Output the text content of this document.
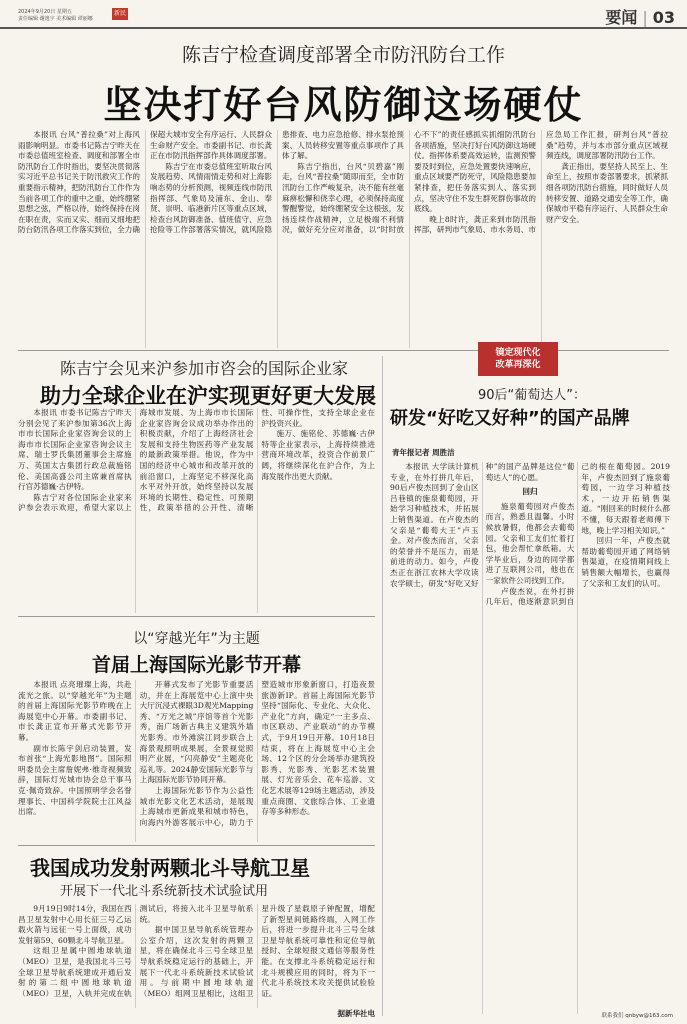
2024年9月20日 星期五
责任编辑 谢逸宇 美术编辑 谭丽娜
新民	要闻 | 03
陈吉宁检查调度部署全市防汛防台工作
坚决打好台风防御这场硬仗

本报讯 台风“普拉桑”对上海风雨影响明显。市委书记陈吉宁昨天在市委总值班室检查、调度和部署全市防汛防台工作时指出，要坚决贯彻落实习近平总书记关于防汛救灾工作的重要指示精神，把防汛防台工作作为当前各项工作的重中之重，始终绷紧思想之弦，严格以待，始终保持在岗在职在责，实而又实、细而又细地把防台防汛各项工作落实到位，全力确保超大城市安全有序运行、人民群众生命财产安全。市委副书记、市长龚正在市防汛指挥部作具体调度部署。

陈吉宁在市委总值班室听取台风发展趋势、风情雨情走势和对上海影响态势的分析预测，视频连线市防汛指挥部、气象局及浦东、金山、奉贤、崇明、临港新片区等重点区域，检查台风防御准备、值班值守、应急抢险等工作部署落实情况，就风险隐患排查、电力应急抢修、排水泵抢预案、人员转移安置等重点事项作了具体了解。

陈吉宁指出，台风“贝碧嘉”刚走，台风“普拉桑”随即而至，全市防汛防台工作严峻复杂，决不能有丝毫麻痹松懈和侥幸心理，必须保持高度警醒警觉，始终绷紧安全这根弦，发扬连续作战精神，立足极端不利情况，做好充分应对准备，以“时时放心不下”的责任感抓实抓细防汛防台各项措施，坚决打好台风防御这场硬仗。指挥体系要高效运转，监测预警要及时到位，应急处置要快速响应，重点区域要严防死守，风险隐患要加紧排查，把任务落实到人、落实到点，坚决守住不发生群死群伤事故的底线。

晚上8时许，龚正来到市防汛指挥部，研判市气象局、市水务局、市应急局工作汇报，研判台风“普拉桑”趋势，并与本市部分重点区域视频连线，调度部署防汛防台工作。

龚正指出，要坚持人民至上、生命至上，按照市委部署要求，抓紧抓细各项防汛防台措施，同时做好人员转移安置、道路交通安全等工作，确保城市平稳有序运行、人民群众生命财产安全。

陈吉宁会见来沪参加市咨会的国际企业家
助力全球企业在沪实现更好更大发展

本报讯 市委书记陈吉宁昨天分别会见了来沪参加第36次上海市市长国际企业家咨询会议的上海市市长国际企业家咨询会议主席、瑞士罗氏集团董事会主席施万、英国太古集团行政总裁施铭伦、美国高盛公司主席兼首席执行官苏德巍·古伊特。

陈吉宁对各位国际企业家来沪参会表示欢迎，希望大家以上海城市发展、为上海市市长国际企业家咨询会议成功举办作出的积极贡献，介绍了上海经济社会发展和支持生物医药等产业发展的最新政策举措。他说，作为中国的经济中心城市和改革开放的前沿窗口，上海坚定不移深化高水平对外开放，始终坚持以发展环境的长期性、稳定性、可预期性，政策举措的公开性、清晰性、可操作性，支持全球企业在沪投资兴业。

施万、施铭伦、苏德巍·古伊特等企业家表示，上海持续推进营商环境改革，投资合作前景广阔，将继续深化在沪合作，为上海发展作出更大贡献。

以“穿越光年”为主题
首届上海国际光影节开幕

本报讯 点亮璀璨上海，共赴流光之旅。以“穿越光年”为主题的首届上海国际光影节昨晚在上海展览中心开幕。市委副书记、市长龚正宣布开幕式光影节开幕。

副市长陈宇剑启动装置，发布首张“上海光影地图”。国际照明委员会主席詹妮弗·维奇视频致辞，国际灯光城市协会总干事马克·佩奇致辞。中国照明学会名誉理事长、中国科学院院士江风益出席。

开幕式发布了光影节重要活动，并在上海展览中心上演中央大厅沉浸式裸眼3D观光Mapping秀、“万光之城”序馆等首个光影秀，南广场新古典主义建筑外墙光影秀。市外滩滨江同步联合上海景观照明成果展，全景视觉照明产业展，“闪亮静安”主题亮化巡礼等。2024静安国际光影节与上海国际光影节协同开幕。

上海国际光影节作为公益性城市光影文化艺术活动，是展现上海城市更新成果和城市特色，向海内外游客展示中心，助力于塑造城市形象新窗口，打造夜景旅游新IP。首届上海国际光影节坚持“国际化、专业化、大众化、产业化”方向，确定“一主多点、市区联动、产业联动”的办节模式，于9月19日开幕。10月18日结束，将在上海展览中心主会场、12个区的分会场举办建筑投影秀、光影秀、光影艺术装置展、灯光音乐会、花车巡游、文化艺术展等129场主题活动，涉及重点商圈、文旅综合体、工业遗存等多种形态。

我国成功发射两颗北斗导航卫星
开展下一代北斗系统新技术试验试用

9月19日9时14分，我国在西昌卫星发射中心用长征三号乙运载火箭与远征一号上面级，成功发射第59、60颗北斗导航卫星。

这组卫星属中圆地球轨道（MEO）卫星，是我国北斗三号全球卫星导航系统建成开通后发射的第二组中圆地球轨道（MEO）卫星，入轨并完成在轨测试后，将接入北斗卫星导航系统。

据中国卫星导航系统管理办公室介绍，这次发射的两颗卫星，将在确保北斗三号全球卫星导航系统稳定运行的基础上，开展下一代北斗系统新技术试验试用。与前期中圆地球轨道（MEO）组网卫星相比，这组卫星升级了星载原子钟配置，增配了新型星间链路终端，入网工作后，将进一步提升北斗三号全球卫星导航系统可靠性和定位导航授时、全球短报文通信等服务性能。在支撑北斗系统稳定运行和北斗规模应用的同时，将为下一代北斗系统技术攻关提供试验验证。

据新华社电
镜定现代化
改革再深化
90后“葡萄达人”：
研发“好吃又好种”的国产品牌
青年报记者 周胜洁

本报讯 大学读计算机专业，在外打拼几年后，90后卢俊杰回到了金山区吕巷镇的施泉葡萄园，开始学习种植技术，并拓展上销售渠道。在卢俊杰的父亲是“葡萄大王”卢玉金。对卢俊杰而言，父亲的荣誉并不是压力，而是前进的动力。如今，卢俊杰正在浙江农林大学攻读农学硕士，研发“好吃又好种”的国产品牌是这位“葡萄达人”的心愿。

回归

施泉葡萄园对卢俊杰而言，熟悉且温馨。小时候放暑假，他都会去葡萄园。父亲和工友们忙着打包，他会帮忙拿纸箱。大学毕业后，身边的同学都进了互联网公司，他也在一家软件公司找到工作。

卢俊杰说，在外打拼几年后，他逐渐意识到自己的根在葡萄园。2019年，卢俊杰回到了施泉葡萄园，一边学习种植技术，一边开拓销售渠道。“刚回来的时候什么都不懂，每天跟着老师傅下地，晚上学习相关知识。”

回归一年，卢俊杰就帮助葡萄园开通了网络销售渠道，在疫情期间线上销售额大幅增长，也赢得了父亲和工友们的认可。

联系我们 qnbyw@163.com
